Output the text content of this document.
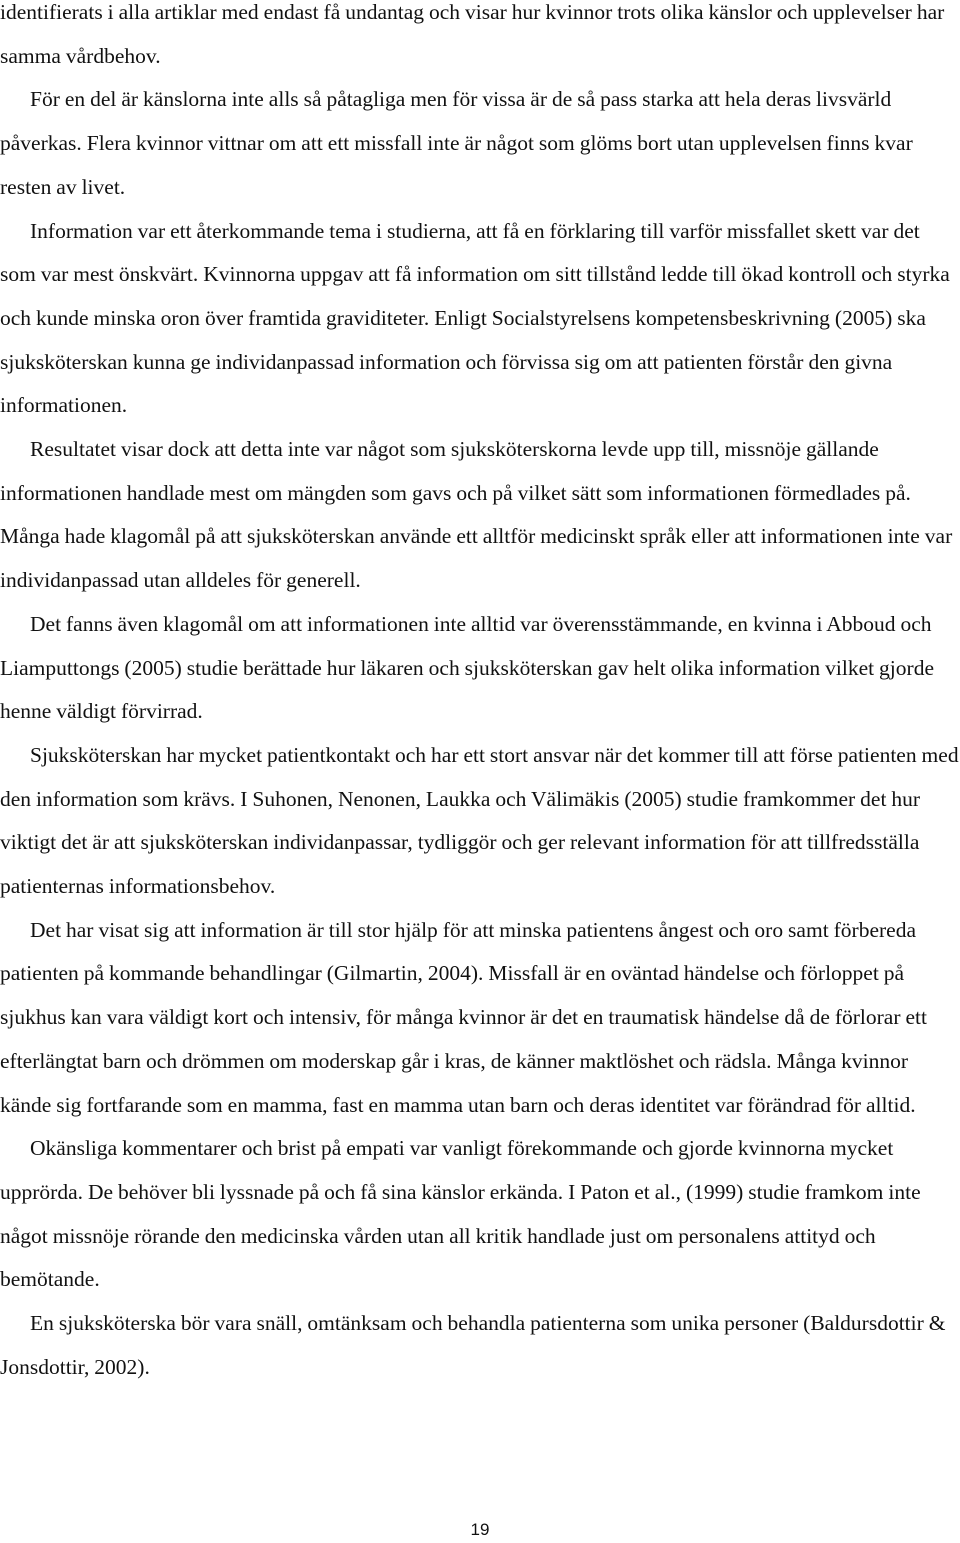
identifierats i alla artiklar med endast få undantag och visar hur kvinnor trots olika känslor och upplevelser har samma vårdbehov.

För en del är känslorna inte alls så påtagliga men för vissa är de så pass starka att hela deras livsvärld påverkas. Flera kvinnor vittnar om att ett missfall inte är något som glöms bort utan upplevelsen finns kvar resten av livet.

Information var ett återkommande tema i studierna, att få en förklaring till varför missfallet skett var det som var mest önskvärt. Kvinnorna uppgav att få information om sitt tillstånd ledde till ökad kontroll och styrka och kunde minska oron över framtida graviditeter. Enligt Socialstyrelsens kompetensbeskrivning (2005) ska sjuksköterskan kunna ge individanpassad information och förvissa sig om att patienten förstår den givna informationen.

Resultatet visar dock att detta inte var något som sjuksköterskorna levde upp till, missnöje gällande informationen handlade mest om mängden som gavs och på vilket sätt som informationen förmedlades på. Många hade klagomål på att sjuksköterskan använde ett alltför medicinskt språk eller att informationen inte var individanpassad utan alldeles för generell.

Det fanns även klagomål om att informationen inte alltid var överensstämmande, en kvinna i Abboud och Liamputtongs (2005) studie berättade hur läkaren och sjuksköterskan gav helt olika information vilket gjorde henne väldigt förvirrad.

Sjuksköterskan har mycket patientkontakt och har ett stort ansvar när det kommer till att förse patienten med den information som krävs. I Suhonen, Nenonen, Laukka och Välimäkis (2005) studie framkommer det hur viktigt det är att sjuksköterskan individanpassar, tydliggör och ger relevant information för att tillfredsställa patienternas informationsbehov.

Det har visat sig att information är till stor hjälp för att minska patientens ångest och oro samt förbereda patienten på kommande behandlingar (Gilmartin, 2004). Missfall är en oväntad händelse och förloppet på sjukhus kan vara väldigt kort och intensiv, för många kvinnor är det en traumatisk händelse då de förlorar ett efterlängtat barn och drömmen om moderskap går i kras, de känner maktlöshet och rädsla. Många kvinnor kände sig fortfarande som en mamma, fast en mamma utan barn och deras identitet var förändrad för alltid.

Okänsliga kommentarer och brist på empati var vanligt förekommande och gjorde kvinnorna mycket upprörda. De behöver bli lyssnade på och få sina känslor erkända. I Paton et al., (1999) studie framkom inte något missnöje rörande den medicinska vården utan all kritik handlade just om personalens attityd och bemötande.

En sjuksköterska bör vara snäll, omtänksam och behandla patienterna som unika personer (Baldursdottir & Jonsdottir, 2002).

19
